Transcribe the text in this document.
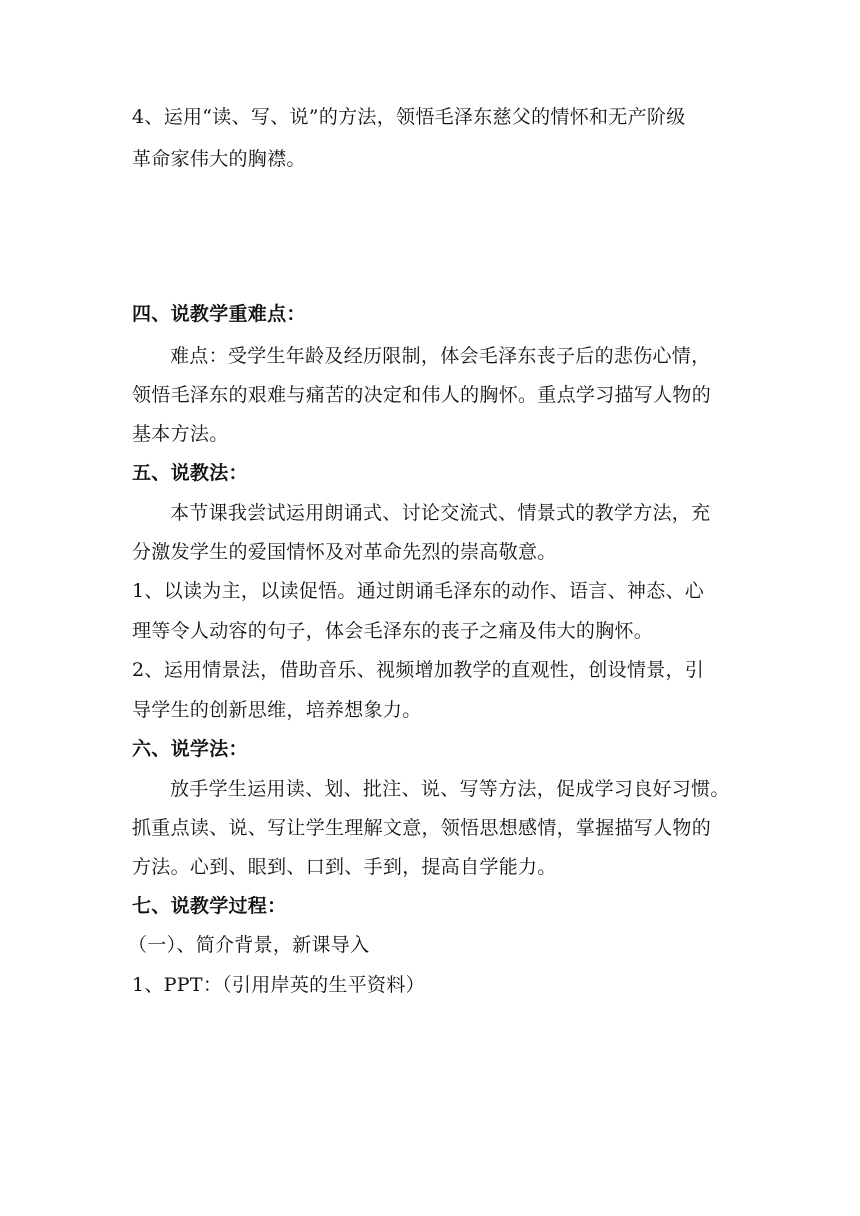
4、运用“读、写、说”的方法，领悟毛泽东慈父的情怀和无产阶级
革命家伟大的胸襟。
四、说教学重难点：
难点：受学生年龄及经历限制，体会毛泽东丧子后的悲伤心情，
领悟毛泽东的艰难与痛苦的决定和伟人的胸怀。重点学习描写人物的
基本方法。
五、说教法：
本节课我尝试运用朗诵式、讨论交流式、情景式的教学方法，充
分激发学生的爱国情怀及对革命先烈的崇高敬意。
1、以读为主，以读促悟。通过朗诵毛泽东的动作、语言、神态、心
理等令人动容的句子，体会毛泽东的丧子之痛及伟大的胸怀。
2、运用情景法，借助音乐、视频增加教学的直观性，创设情景，引
导学生的创新思维，培养想象力。
六、说学法：
放手学生运用读、划、批注、说、写等方法，促成学习良好习惯。
抓重点读、说、写让学生理解文意，领悟思想感情，掌握描写人物的
方法。心到、眼到、口到、手到，提高自学能力。
七、说教学过程：
（一）、简介背景，新课导入
1、PPT：（引用岸英的生平资料）
